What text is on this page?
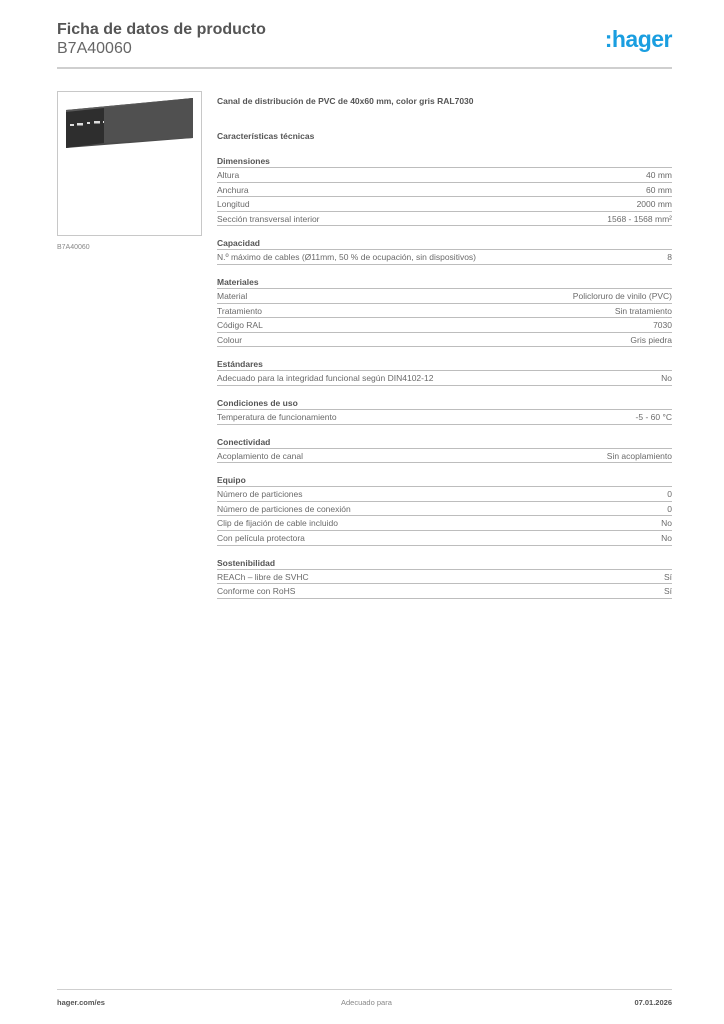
Ficha de datos de producto
B7A40060	:hager
B7A40060
Canal de distribución de PVC de 40x60 mm, color gris RAL7030
Características técnicas
Dimensiones
Altura	40 mm
Anchura	60 mm
Longitud	2000 mm
Sección transversal interior	1568 - 1568 mm²
Capacidad
N.º máximo de cables (Ø11mm, 50 % de ocupación, sin dispositivos)	8
Materiales
Material	Policloruro de vinilo (PVC)
Tratamiento	Sin tratamiento
Código RAL	7030
Colour	Gris piedra
Estándares
Adecuado para la integridad funcional según DIN4102-12	No
Condiciones de uso
Temperatura de funcionamiento	-5 - 60 °C
Conectividad
Acoplamiento de canal	Sin acoplamiento
Equipo
Número de particiones	0
Número de particiones de conexión	0
Clip de fijación de cable incluido	No
Con película protectora	No
Sostenibilidad
REACh – libre de SVHC	Sí
Conforme con RoHS	Sí
hager.com/es	Adecuado para	07.01.2026
